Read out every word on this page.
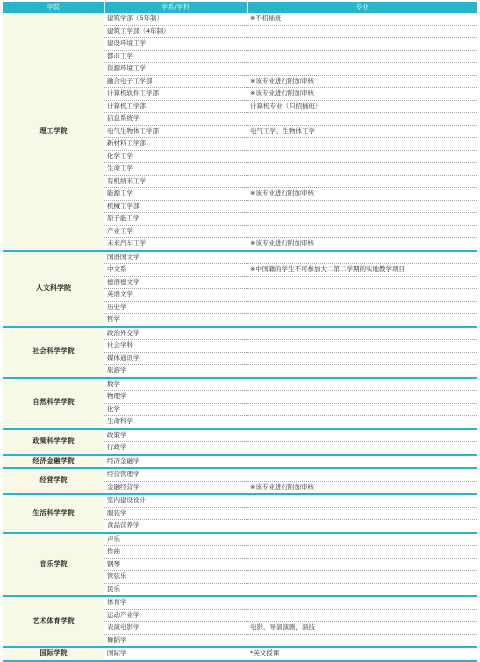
学院	学系/学科	专业
理工学院	建筑学部（5年制）	※不招插班
	建筑工学部（4年制）	
	建设环境工学	
	都市工学	
	资源环境工学	
	融合电子工学部	※该专业进行附加审核
	计算机软件工学部	※该专业进行附加审核
	计算机工学部	计算机专业（只招插班）
	信息系统学	
	电气生物体工学部	电气工学，生物体工学
	新材料工学部	
	化学工学	
	生命工学	
	有机纳米工学	
	能源工学	※该专业进行附加审核
	机械工学部	
	原子能工学	
	产业工学	
	未来汽车工学	※该专业进行附加审核
人文科学院	国语国文学	
	中文系	※中国籍的学生不可参加大二第二学期的实地教学项目
	德语德文学	
	英语文学	
	历史学	
	哲学	
社会科学学院	政治外交学	
	社会学科	
	媒体通讯学	
	旅游学	
自然科学学院	数学	
	物理学	
	化学	
	生命科学	
政策科学学院	政策学	
	行政学	
经济金融学院	经济金融学	
经营学院	经营管理学	
	金融经营学	※该专业进行附加审核
生活科学学院	室内建设设计	
	服装学	
	食品营养学	
音乐学院	声乐	
	作曲	
	钢琴	
	管弦乐	
	民乐	
艺术体育学院	体育学	
	运动产业学	
	表演电影学	电影，导演演剧，演技
	舞蹈学	
国际学院	国际学	*英文授课
